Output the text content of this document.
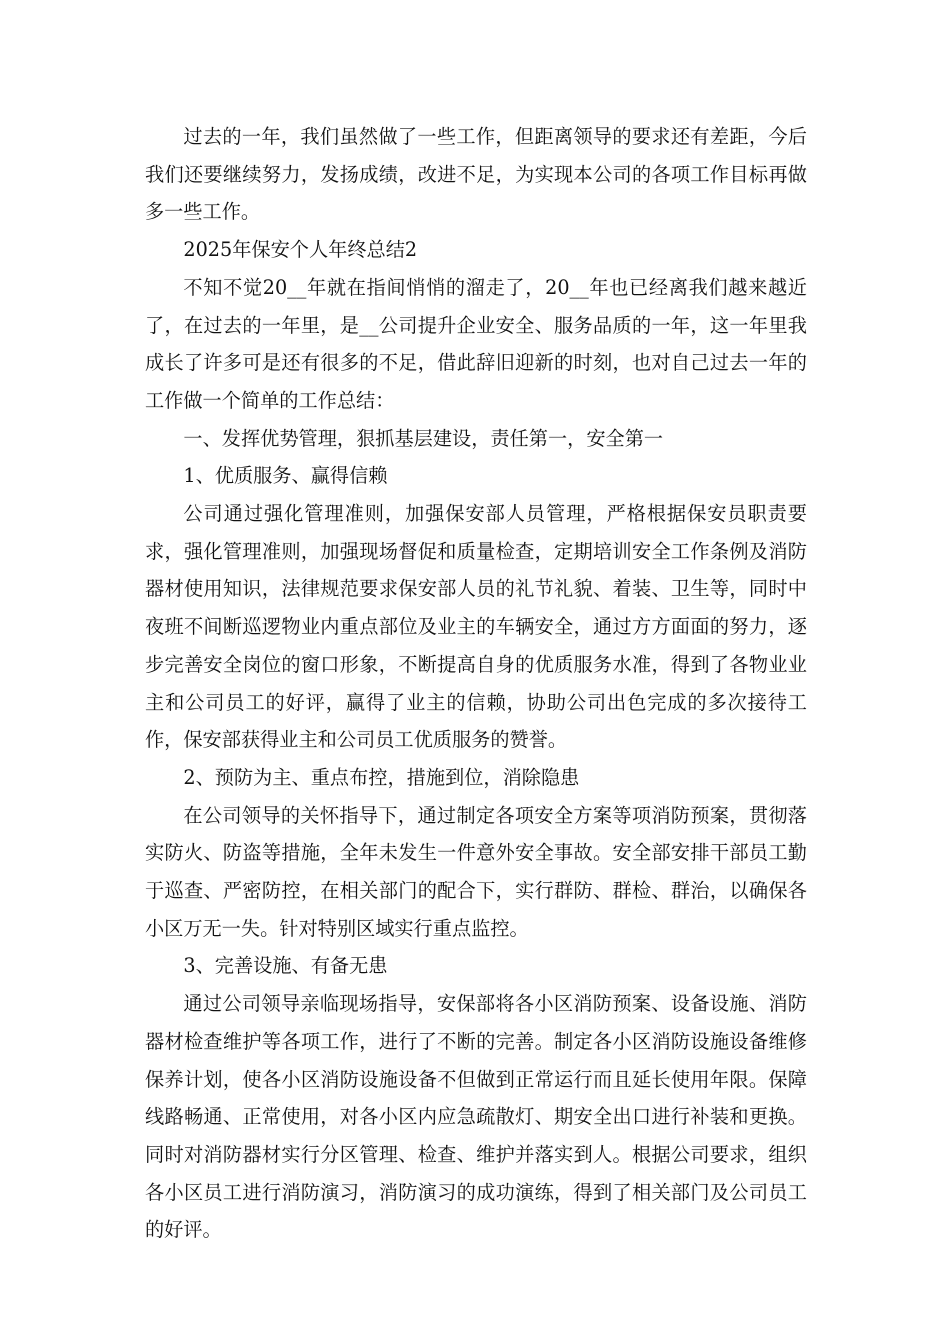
过去的一年，我们虽然做了一些工作，但距离领导的要求还有差距，今后我们还要继续努力，发扬成绩，改进不足，为实现本公司的各项工作目标再做多一些工作。

2025年保安个人年终总结2

不知不觉20__年就在指间悄悄的溜走了，20__年也已经离我们越来越近了，在过去的一年里，是__公司提升企业安全、服务品质的一年，这一年里我成长了许多可是还有很多的不足，借此辞旧迎新的时刻，也对自己过去一年的工作做一个简单的工作总结：

一、发挥优势管理，狠抓基层建设，责任第一，安全第一

1、优质服务、赢得信赖

公司通过强化管理准则，加强保安部人员管理，严格根据保安员职责要求，强化管理准则，加强现场督促和质量检查，定期培训安全工作条例及消防器材使用知识，法律规范要求保安部人员的礼节礼貌、着装、卫生等，同时中夜班不间断巡逻物业内重点部位及业主的车辆安全，通过方方面面的努力，逐步完善安全岗位的窗口形象，不断提高自身的优质服务水准，得到了各物业业主和公司员工的好评，赢得了业主的信赖，协助公司出色完成的多次接待工作，保安部获得业主和公司员工优质服务的赞誉。

2、预防为主、重点布控，措施到位，消除隐患

在公司领导的关怀指导下，通过制定各项安全方案等项消防预案，贯彻落实防火、防盗等措施，全年未发生一件意外安全事故。安全部安排干部员工勤于巡查、严密防控，在相关部门的配合下，实行群防、群检、群治，以确保各小区万无一失。针对特别区域实行重点监控。

3、完善设施、有备无患

通过公司领导亲临现场指导，安保部将各小区消防预案、设备设施、消防器材检查维护等各项工作，进行了不断的完善。制定各小区消防设施设备维修保养计划，使各小区消防设施设备不但做到正常运行而且延长使用年限。保障线路畅通、正常使用，对各小区内应急疏散灯、期安全出口进行补装和更换。同时对消防器材实行分区管理、检查、维护并落实到人。根据公司要求，组织各小区员工进行消防演习，消防演习的成功演练，得到了相关部门及公司员工的好评。
